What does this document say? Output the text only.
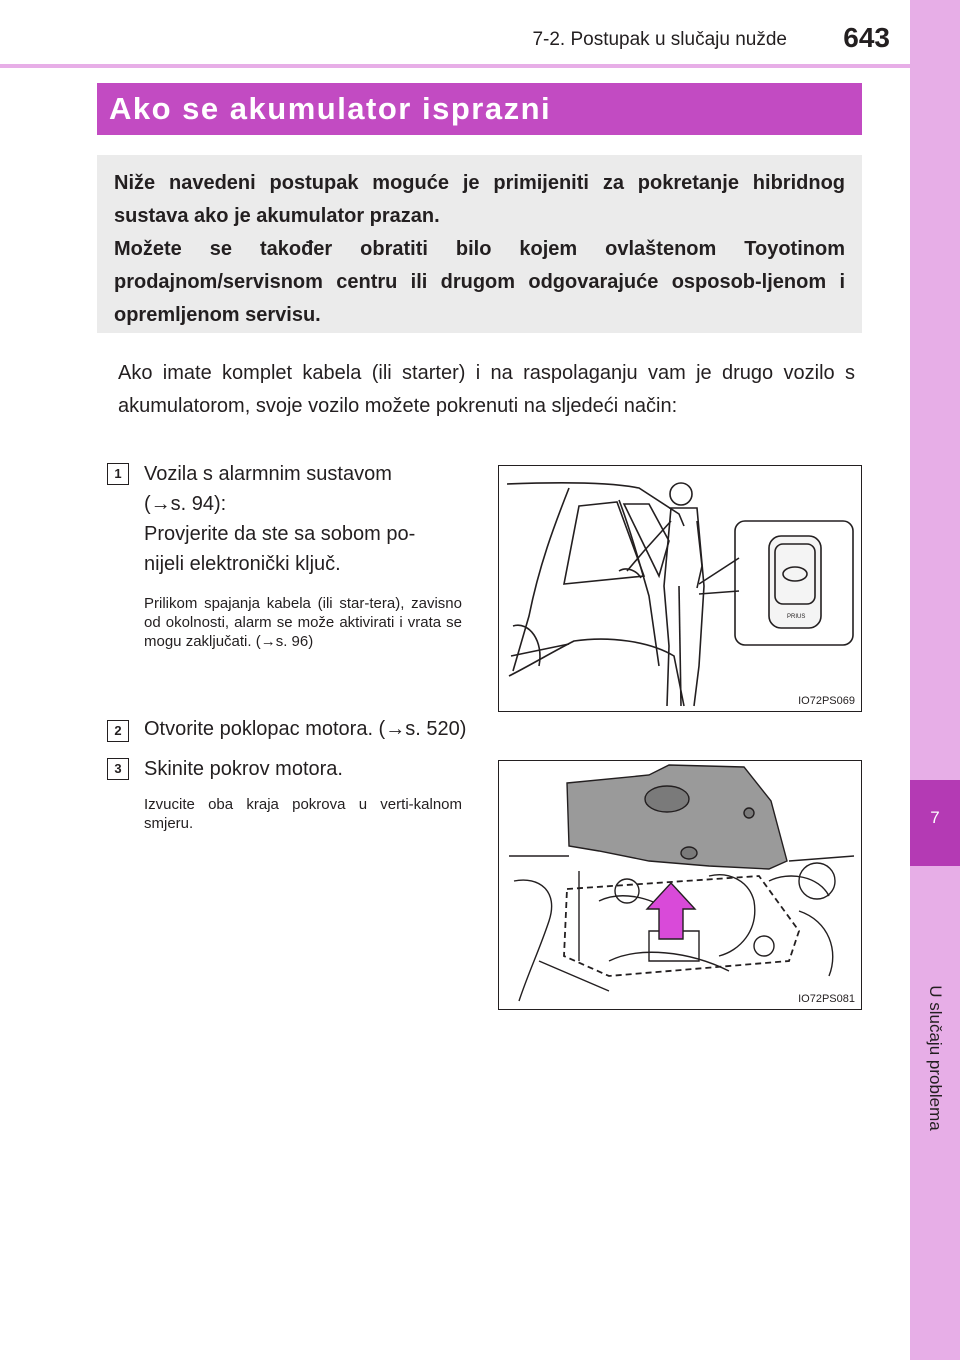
7
U slučaju problema
7-2. Postupak u slučaju nužde 643
Ako se akumulator isprazni

Niže navedeni postupak moguće je primijeniti za pokretanje hibridnog sustava ako je akumulator prazan.

Možete se također obratiti bilo kojem ovlaštenom Toyotinom prodajnom/servisnom centru ili drugom odgovarajuće osposob-ljenom i opremljenom servisu.

Ako imate komplet kabela (ili starter) i na raspolaganju vam je drugo vozilo s akumulatorom, svoje vozilo možete pokrenuti na sljedeći način:

1	Vozila s alarmnim sustavom
(→s. 94):
Provjerite da ste sa sobom po-
nijeli elektronički ključ.

Prilikom spajanja kabela (ili star-tera), zavisno od okolnosti, alarm se može aktivirati i vrata se mogu zaključati. (→s. 96)

PRIUS
IO72PS069
2	Otvorite poklopac motora. (→s. 520)

3	Skinite pokrov motora.

Izvucite oba kraja pokrova u verti-kalnom smjeru.

IO72PS081
